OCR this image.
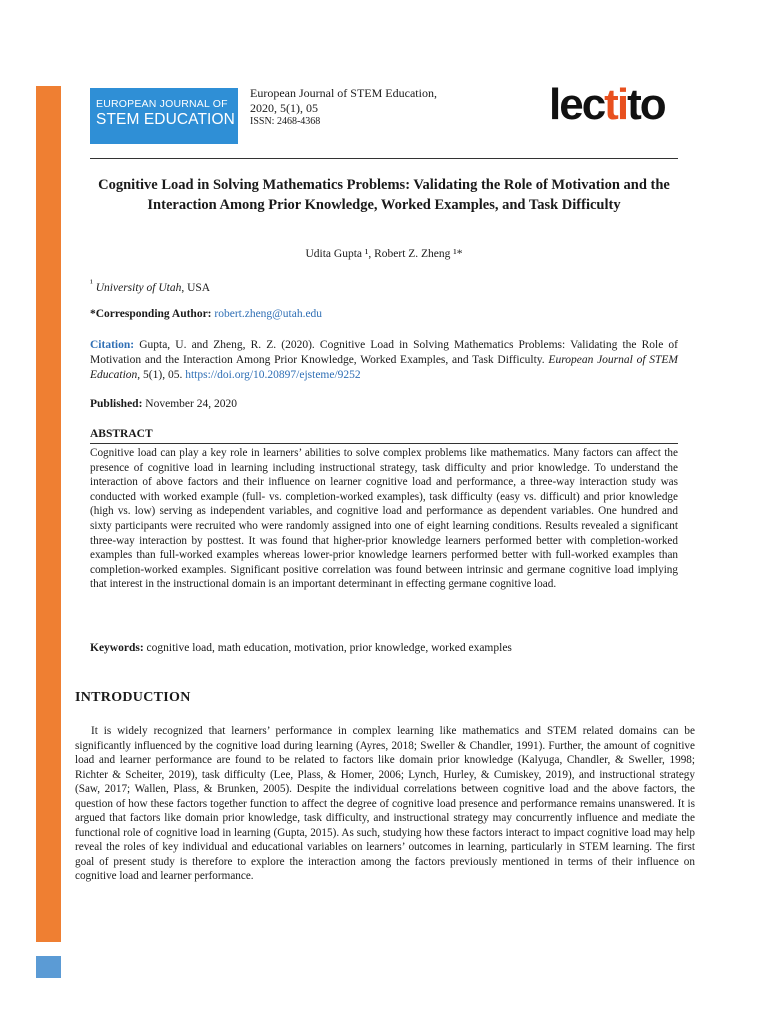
EUROPEAN JOURNAL OF
STEM EDUCATION
European Journal of STEM Education,
2020, 5(1), 05
ISSN: 2468-4368	lectito
Cognitive Load in Solving Mathematics Problems: Validating the Role of Motivation and the Interaction Among Prior Knowledge, Worked Examples, and Task Difficulty
Udita Gupta ¹, Robert Z. Zheng ¹*
$^{^1}$ University of Utah, USA
*Corresponding Author: robert.zheng@utah.edu
Citation: Gupta, U. and Zheng, R. Z. (2020). Cognitive Load in Solving Mathematics Problems: Validating the Role of Motivation and the Interaction Among Prior Knowledge, Worked Examples, and Task Difficulty. European Journal of STEM Education, 5(1), 05. https://doi.org/10.20897/ejsteme/9252
Published: November 24, 2020
ABSTRACT

Cognitive load can play a key role in learners’ abilities to solve complex problems like mathematics. Many factors can affect the presence of cognitive load in learning including instructional strategy, task difficulty and prior knowledge. To understand the interaction of above factors and their influence on learner cognitive load and performance, a three-way interaction study was conducted with worked example (full- vs. completion-worked examples), task difficulty (easy vs. difficult) and prior knowledge (high vs. low) serving as independent variables, and cognitive load and performance as dependent variables. One hundred and sixty participants were recruited who were randomly assigned into one of eight learning conditions. Results revealed a significant three-way interaction by posttest. It was found that higher-prior knowledge learners performed better with completion-worked examples than full-worked examples whereas lower-prior knowledge learners performed better with full-worked examples than completion-worked examples. Significant positive correlation was found between intrinsic and germane cognitive load implying that interest in the instructional domain is an important determinant in effecting germane cognitive load.

Keywords: cognitive load, math education, motivation, prior knowledge, worked examples
INTRODUCTION

It is widely recognized that learners’ performance in complex learning like mathematics and STEM related domains can be significantly influenced by the cognitive load during learning (Ayres, 2018; Sweller & Chandler, 1991). Further, the amount of cognitive load and learner performance are found to be related to factors like domain prior knowledge (Kalyuga, Chandler, & Sweller, 1998; Richter & Scheiter, 2019), task difficulty (Lee, Plass, & Homer, 2006; Lynch, Hurley, & Cumiskey, 2019), and instructional strategy (Saw, 2017; Wallen, Plass, & Brunken, 2005). Despite the individual correlations between cognitive load and the above factors, the question of how these factors together function to affect the degree of cognitive load presence and performance remains unanswered. It is argued that factors like domain prior knowledge, task difficulty, and instructional strategy may concurrently influence and mediate the functional role of cognitive load in learning (Gupta, 2015). As such, studying how these factors interact to impact cognitive load may help reveal the roles of key individual and educational variables on learners’ outcomes in learning, particularly in STEM learning. The first goal of present study is therefore to explore the interaction among the factors previously mentioned in terms of their influence on cognitive load and learner performance.
